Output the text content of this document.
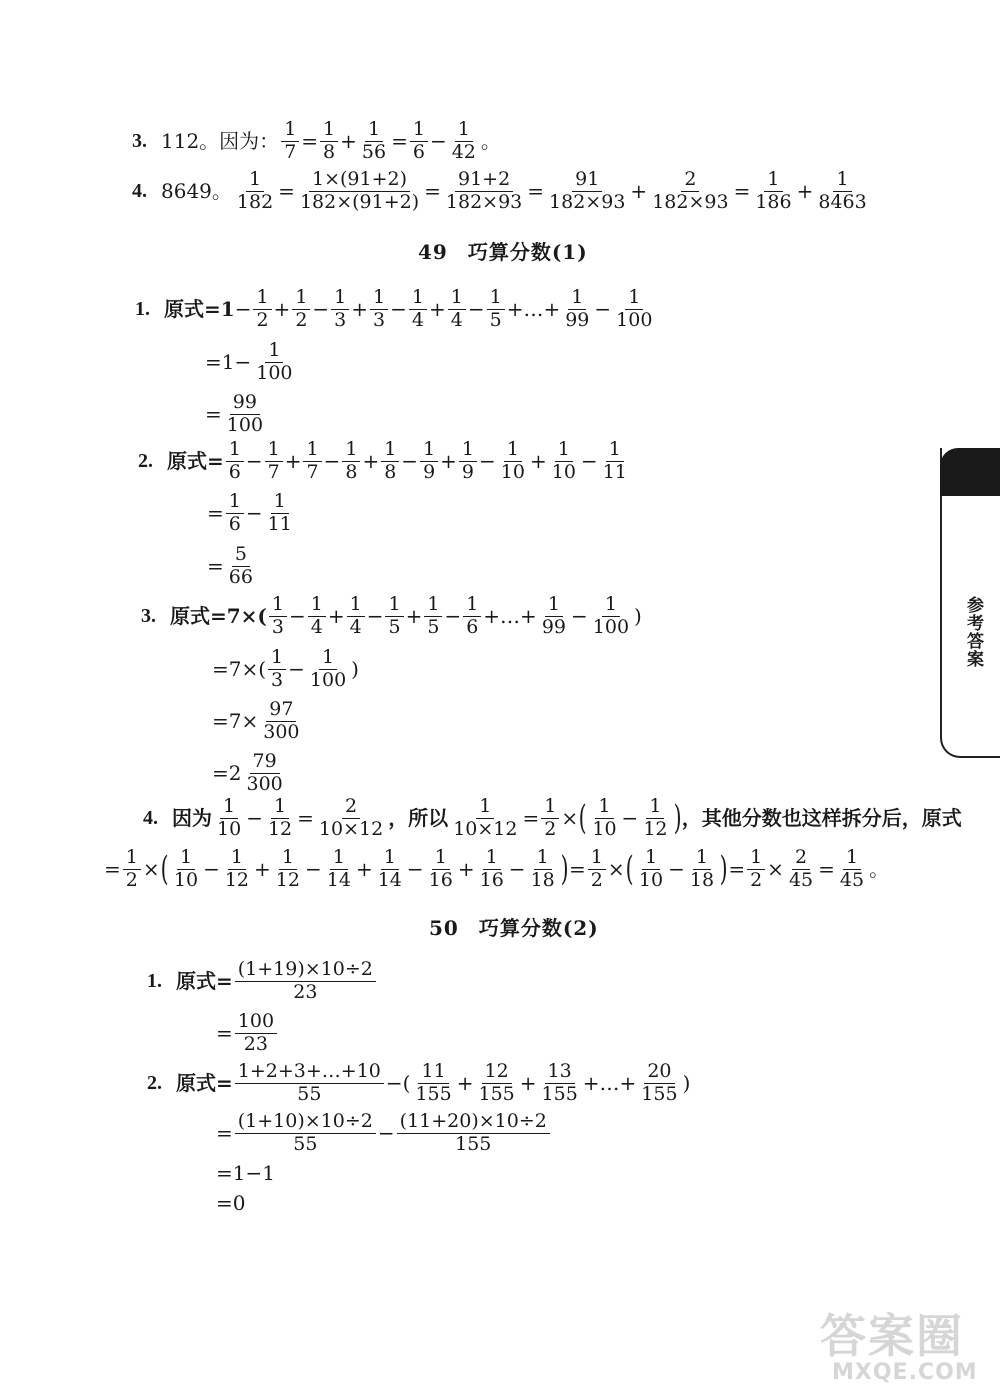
3. 112。因为： $\frac{1}{7} = \frac{1}{8} + \frac{1}{56} = \frac{1}{6} - \frac{1}{42}$ 。
4. 8649。 $\frac{1}{182} = \frac{1\times(91+2)}{182\times(91+2)} = \frac{91+2}{182\times 93} = \frac{91}{182\times 93} + \frac{2}{182\times 93} = \frac{1}{186} + \frac{1}{8463}$
49 巧算分数(1)
1. 原式$=1 - \frac{1}{2} + \frac{1}{2} - \frac{1}{3} + \frac{1}{3} - \frac{1}{4} + \frac{1}{4} - \frac{1}{5}$ +…+ $\frac{1}{99} - \frac{1}{100}$
$=1 - \frac{1}{100}$
= $\frac{99}{100}$
2. 原式= $\frac{1}{6} - \frac{1}{7} + \frac{1}{7} - \frac{1}{8} + \frac{1}{8} - \frac{1}{9} + \frac{1}{9} - \frac{1}{10} + \frac{1}{10} - \frac{1}{11}$
= $\frac{1}{6} - \frac{1}{11}$
= $\frac{5}{66}$
3. 原式$=7\times( \frac{1}{3} - \frac{1}{4} + \frac{1}{4} - \frac{1}{5} + \frac{1}{5} - \frac{1}{6}$ +…+ $\frac{1}{99} - \frac{1}{100}$ )
$=7\times( \frac{1}{3} - \frac{1}{100}$ )
$=7\times \frac{97}{300}$
$=2 \frac{79}{300}$
4. 因为 $\frac{1}{10} - \frac{1}{12} = \frac{2}{10\times 12}$ ，所以 $\frac{1}{10\times 12} = \frac{1}{2}$ × ( $\frac{1}{10} - \frac{1}{12}$ ) ，其他分数也这样拆分后，原式
= $\frac{1}{2}$ × ( $\frac{1}{10} - \frac{1}{12} + \frac{1}{12} - \frac{1}{14} + \frac{1}{14} - \frac{1}{16} + \frac{1}{16} - \frac{1}{18}$ ) = $\frac{1}{2}$ × ( $\frac{1}{10} - \frac{1}{18}$ ) = $\frac{1}{2} \times \frac{2}{45} = \frac{1}{45}$ 。
50 巧算分数(2)
1. 原式= $\frac{(1+19)\times 10\div 2}{23}$
= $\frac{100}{23}$
2. 原式= $\frac{1+2+3+\dots+10}{55}$ −( $\frac{11}{155} + \frac{12}{155} + \frac{13}{155}$ +…+ $\frac{20}{155}$ )
= $\frac{(1+10)\times 10\div 2}{55} - \frac{(11+20)\times 10\div 2}{155}$
=1−1
=0
参考答案
答案圈
MXQE.COM
